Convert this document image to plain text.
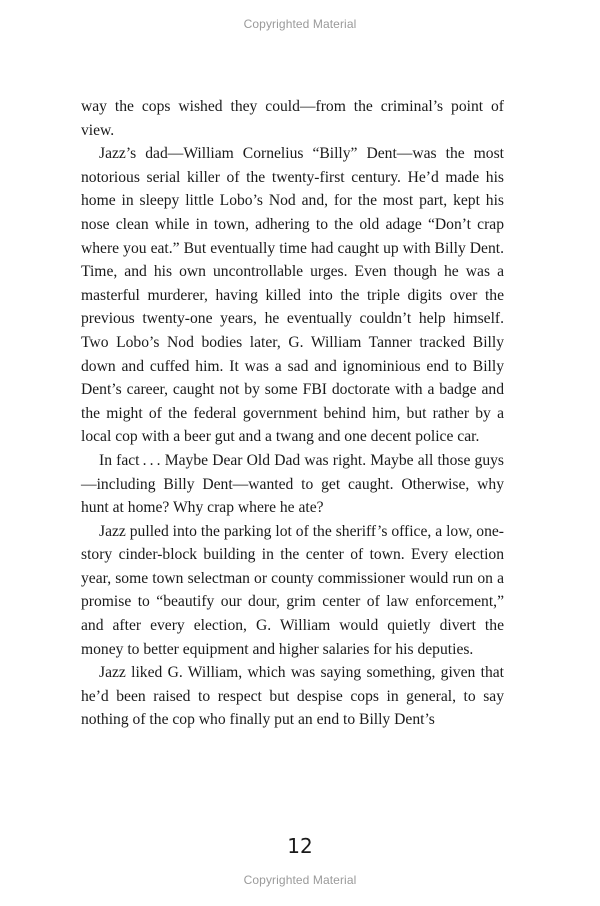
Copyrighted Material

way the cops wished they could—from the criminal’s point of view.

Jazz’s dad—William Cornelius “Billy” Dent—was the most notorious serial killer of the twenty-first century. He’d made his home in sleepy little Lobo’s Nod and, for the most part, kept his nose clean while in town, adhering to the old adage “Don’t crap where you eat.” But eventually time had caught up with Billy Dent. Time, and his own uncontrollable urges. Even though he was a masterful murderer, having killed into the triple digits over the previous twenty-one years, he eventually couldn’t help himself. Two Lobo’s Nod bodies later, G. William Tanner tracked Billy down and cuffed him. It was a sad and ignominious end to Billy Dent’s career, caught not by some FBI doctorate with a badge and the might of the federal government behind him, but rather by a local cop with a beer gut and a twang and one decent police car.

In fact . . . Maybe Dear Old Dad was right. Maybe all those guys—including Billy Dent—wanted to get caught. Otherwise, why hunt at home? Why crap where he ate?

Jazz pulled into the parking lot of the sheriff’s office, a low, one-story cinder-block building in the center of town. Every election year, some town selectman or county commissioner would run on a promise to “beautify our dour, grim center of law enforcement,” and after every election, G. William would quietly divert the money to better equipment and higher salaries for his deputies.

Jazz liked G. William, which was saying something, given that he’d been raised to respect but despise cops in general, to say nothing of the cop who finally put an end to Billy Dent’s

12
Copyrighted Material
